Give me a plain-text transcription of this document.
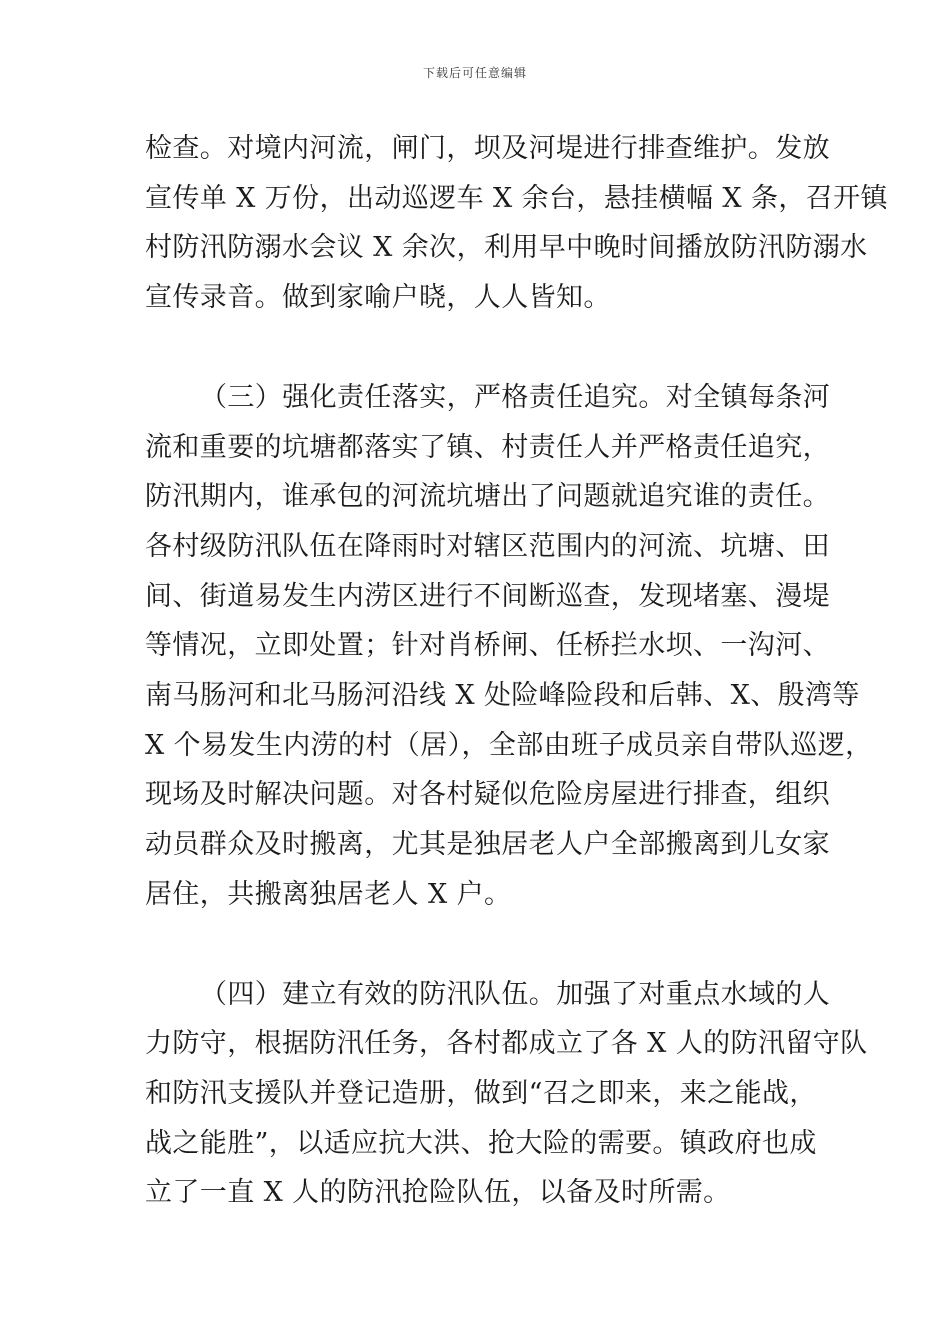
下载后可任意编辑
检查。对境内河流，闸门，坝及河堤进行排查维护。发放
宣传单 X 万份，出动巡逻车 X 余台，悬挂横幅 X 条，召开镇
村防汛防溺水会议 X 余次，利用早中晚时间播放防汛防溺水
宣传录音。做到家喻户晓，人人皆知。
（三）强化责任落实，严格责任追究。对全镇每条河
流和重要的坑塘都落实了镇、村责任人并严格责任追究，
防汛期内，谁承包的河流坑塘出了问题就追究谁的责任。
各村级防汛队伍在降雨时对辖区范围内的河流、坑塘、田
间、街道易发生内涝区进行不间断巡查，发现堵塞、漫堤
等情况，立即处置；针对肖桥闸、任桥拦水坝、一沟河、
南马肠河和北马肠河沿线 X 处险峰险段和后韩、X、殷湾等
X 个易发生内涝的村（居），全部由班子成员亲自带队巡逻，
现场及时解决问题。对各村疑似危险房屋进行排查，组织
动员群众及时搬离，尤其是独居老人户全部搬离到儿女家
居住，共搬离独居老人 X 户。
（四）建立有效的防汛队伍。加强了对重点水域的人
力防守，根据防汛任务，各村都成立了各 X 人的防汛留守队
和防汛支援队并登记造册，做到“召之即来，来之能战，
战之能胜”，以适应抗大洪、抢大险的需要。镇政府也成
立了一直 X 人的防汛抢险队伍，以备及时所需。
